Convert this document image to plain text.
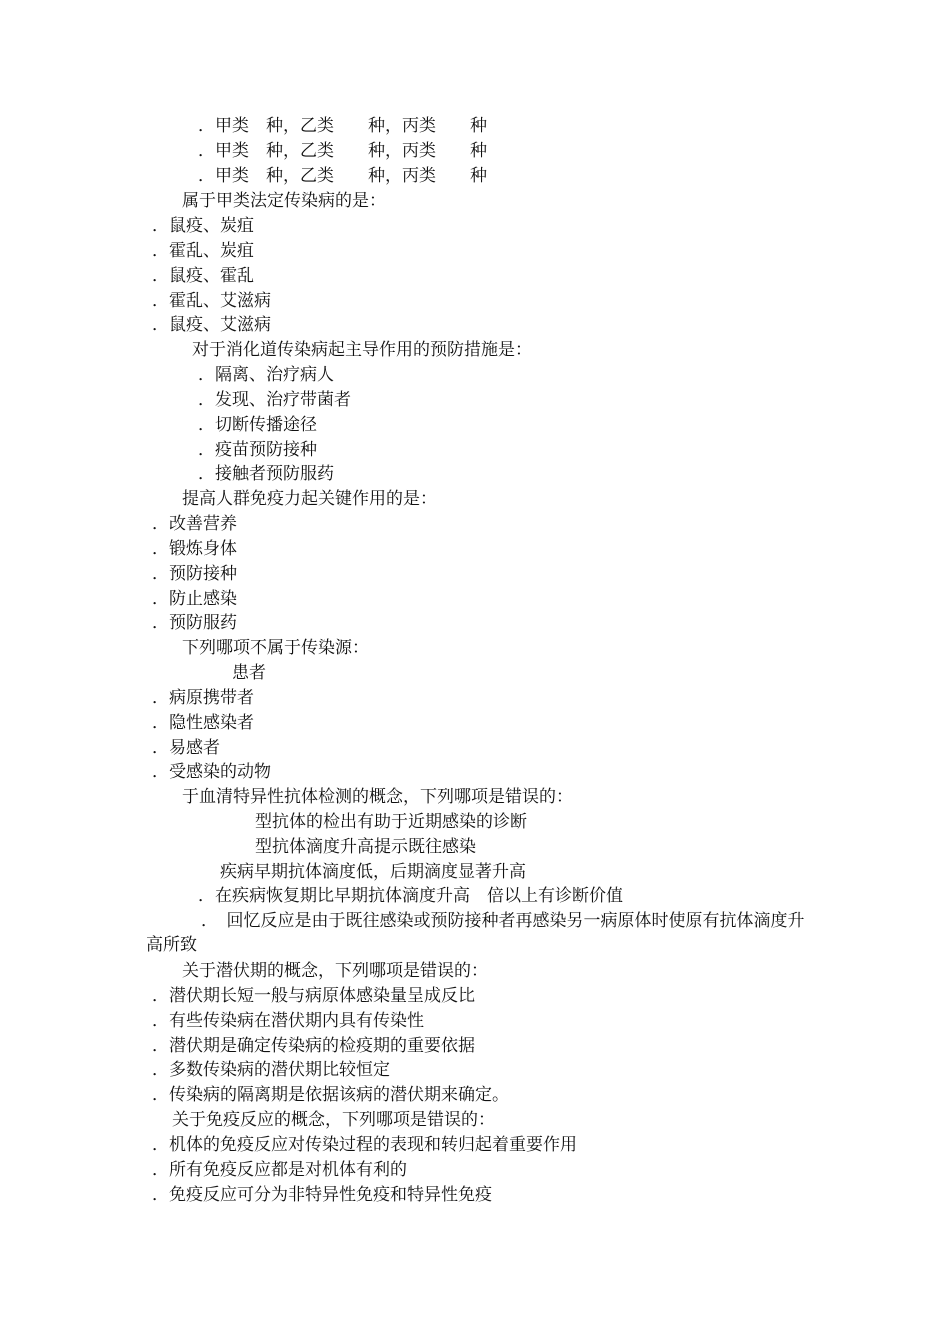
．甲类　种，乙类　　种，丙类　　种
．甲类　种，乙类　　种，丙类　　种
．甲类　种，乙类　　种，丙类　　种
属于甲类法定传染病的是：
．鼠疫、炭疽
．霍乱、炭疽
．鼠疫、霍乱
．霍乱、艾滋病
．鼠疫、艾滋病
对于消化道传染病起主导作用的预防措施是：
．隔离、治疗病人
．发现、治疗带菌者
．切断传播途径
．疫苗预防接种
．接触者预防服药
提高人群免疫力起关键作用的是：
．改善营养
．锻炼身体
．预防接种
．防止感染
．预防服药
下列哪项不属于传染源：
患者
．病原携带者
．隐性感染者
．易感者
．受感染的动物
于血清特异性抗体检测的概念，下列哪项是错误的：
型抗体的检出有助于近期感染的诊断
型抗体滴度升高提示既往感染
疾病早期抗体滴度低，后期滴度显著升高
．在疾病恢复期比早期抗体滴度升高　倍以上有诊断价值
．　回忆反应是由于既往感染或预防接种者再感染另一病原体时使原有抗体滴度升高所致
关于潜伏期的概念，下列哪项是错误的：
．潜伏期长短一般与病原体感染量呈成反比
．有些传染病在潜伏期内具有传染性
．潜伏期是确定传染病的检疫期的重要依据
．多数传染病的潜伏期比较恒定
．传染病的隔离期是依据该病的潜伏期来确定。
关于免疫反应的概念，下列哪项是错误的：
．机体的免疫反应对传染过程的表现和转归起着重要作用
．所有免疫反应都是对机体有利的
．免疫反应可分为非特异性免疫和特异性免疫
